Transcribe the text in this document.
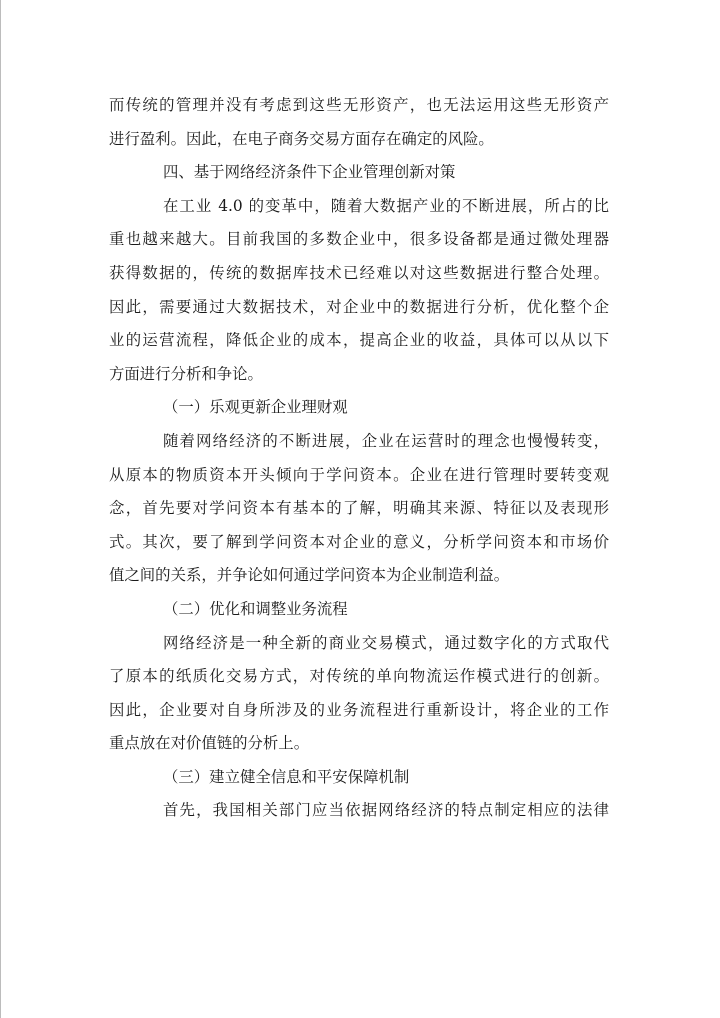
而传统的管理并没有考虑到这些无形资产，也无法运用这些无形资产
进行盈利。因此，在电子商务交易方面存在确定的风险。
四、基于网络经济条件下企业管理创新对策
在工业 4.0 的变革中，随着大数据产业的不断进展，所占的比
重也越来越大。目前我国的多数企业中，很多设备都是通过微处理器
获得数据的，传统的数据库技术已经难以对这些数据进行整合处理。
因此，需要通过大数据技术，对企业中的数据进行分析，优化整个企
业的运营流程，降低企业的成本，提高企业的收益，具体可以从以下
方面进行分析和争论。
（一）乐观更新企业理财观
随着网络经济的不断进展，企业在运营时的理念也慢慢转变，
从原本的物质资本开头倾向于学问资本。企业在进行管理时要转变观
念，首先要对学问资本有基本的了解，明确其来源、特征以及表现形
式。其次，要了解到学问资本对企业的意义，分析学问资本和市场价
值之间的关系，并争论如何通过学问资本为企业制造利益。
（二）优化和调整业务流程
网络经济是一种全新的商业交易模式，通过数字化的方式取代
了原本的纸质化交易方式，对传统的单向物流运作模式进行的创新。
因此，企业要对自身所涉及的业务流程进行重新设计，将企业的工作
重点放在对价值链的分析上。
（三）建立健全信息和平安保障机制
首先，我国相关部门应当依据网络经济的特点制定相应的法律
